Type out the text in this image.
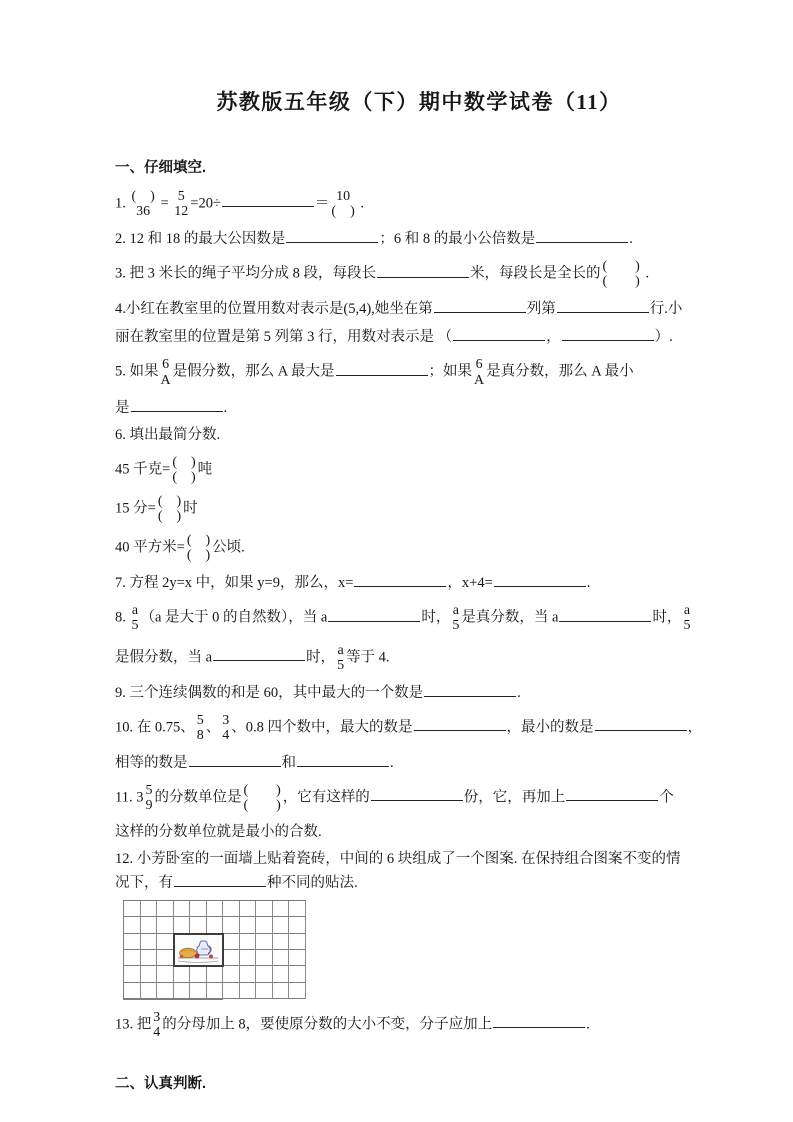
苏教版五年级（下）期中数学试卷（11）
一、仔细填空.
1. (　)
36
= 5
12
=20÷	＝ 10
(　)
.
2. 12 和 18 的最大公因数是	；6 和 8 的最小公倍数是	.
3. 把 3 米长的绳子平均分成 8 段，每段长	米，每段长是全长的 (　　)
(　　)
.
4.小红在教室里的位置用数对表示是(5,4),她坐在第	列第	行.小
丽在教室里的位置是第 5 列第 3 行，用数对表示是 （	，	）.
5. 如果 6
A
是假分数，那么 A 最大是	；如果 6
A
是真分数，那么 A 最小
是	.
6. 填出最简分数.
45 千克= (　)
(　)
吨
15 分= (　)
(　)
时
40 平方米= (　)
(　)
公顷.
7. 方程 2y=x 中，如果 y=9，那么，x=	，x+4=	.
8. a
5
（a 是大于 0 的自然数），当 a	时， a
5
是真分数，当 a	时， a
5
是假分数，当 a	时， a
5
等于 4.
9. 三个连续偶数的和是 60，其中最大的一个数是	.
10. 在 0.75、 5
8
、 3
4
、0.8 四个数中，最大的数是	，最小的数是	，
相等的数是	和	.
11. 3 5
9
的分数单位是 (　　)
(　　)
，它有这样的	份，它，再加上	个
这样的分数单位就是最小的合数.
12. 小芳卧室的一面墙上贴着瓷砖，中间的 6 块组成了一个图案. 在保持组合图案不变的情
况下，有	种不同的贴法.
13. 把 3
4
的分母加上 8，要使原分数的大小不变，分子应加上	.
二、认真判断.
